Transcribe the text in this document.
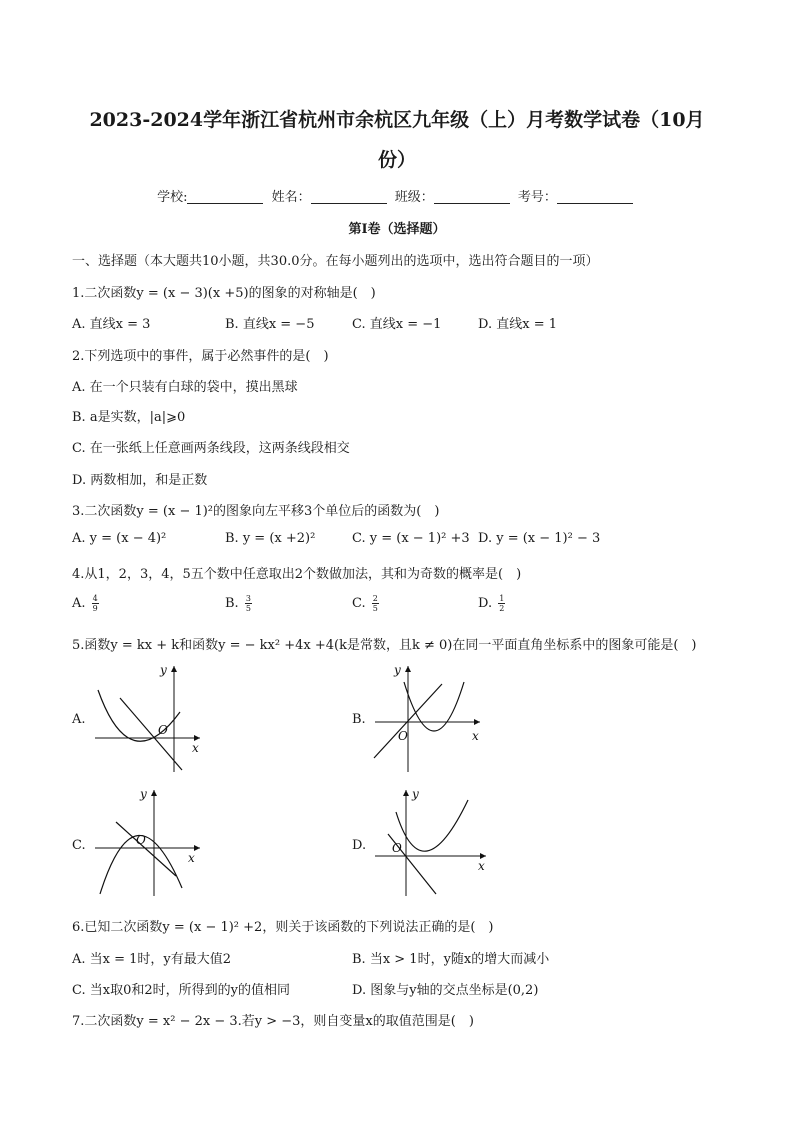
2023-2024学年浙江省杭州市余杭区九年级（上）月考数学试卷（10月
份）
学校:	姓名：	班级：	考号：
第I卷（选择题）
一、选择题（本大题共10小题，共30.0分。在每小题列出的选项中，选出符合题目的一项）
1.二次函数y = (x − 3)(x +5)的图象的对称轴是(　)
A. 直线x = 3	B. 直线x = −5	C. 直线x = −1	D. 直线x = 1
2.下列选项中的事件，属于必然事件的是(　)
A. 在一个只装有白球的袋中，摸出黑球
B. a是实数，|a|⩾0
C. 在一张纸上任意画两条线段，这两条线段相交
D. 两数相加，和是正数
3.二次函数y = (x − 1)²的图象向左平移3个单位后的函数为(　)
A. y = (x − 4)²	B. y = (x +2)²	C. y = (x − 1)² +3 D. y = (x − 1)² − 3
4.从1，2，3，4，5五个数中任意取出2个数做加法，其和为奇数的概率是(　)
A. $\frac{4}{9}$	B. $\frac{3}{5}$	C. $\frac{2}{5}$	D. $\frac{1}{2}$
5.函数y = kx + k和函数y = − kx² +4x +4(k是常数，且k ≠ 0)在同一平面直角坐标系中的图象可能是(　)
A.
x
y
O
B.
x
y
O
C.
x
y
O	D.
x
y
O
6.已知二次函数y = (x − 1)² +2，则关于该函数的下列说法正确的是(　)
A. 当x = 1时，y有最大值2	B. 当x > 1时，y随x的增大而减小
C. 当x取0和2时，所得到的y的值相同	D. 图象与y轴的交点坐标是(0,2)
7.二次函数y = x² − 2x − 3.若y > −3，则自变量x的取值范围是(　)
